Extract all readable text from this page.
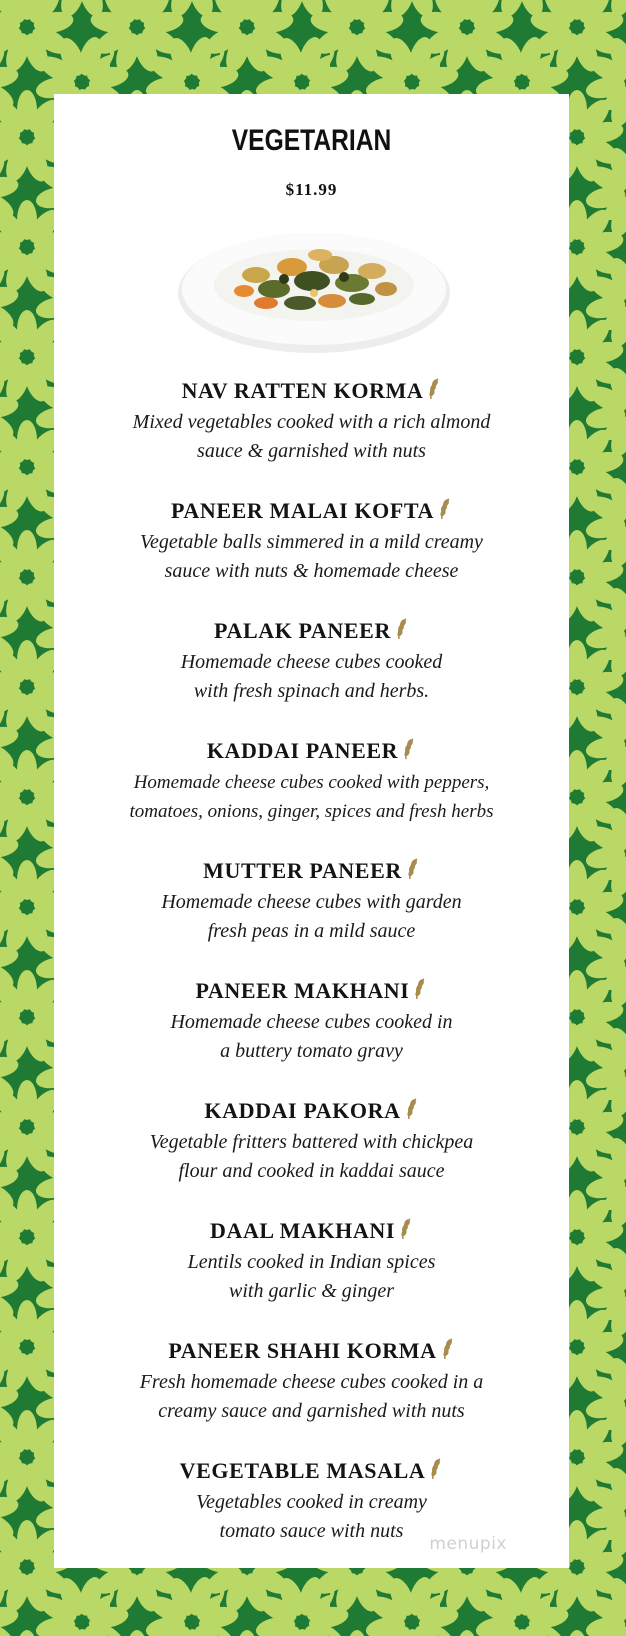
VEGETARIAN
$11.99
NAV RATTEN KORMA
Mixed vegetables cooked with a rich almond
sauce & garnished with nuts
PANEER MALAI KOFTA
Vegetable balls simmered in a mild creamy
sauce with nuts & homemade cheese
PALAK PANEER
Homemade cheese cubes cooked
with fresh spinach and herbs.
KADDAI PANEER
Homemade cheese cubes cooked with peppers,
tomatoes, onions, ginger, spices and fresh herbs
MUTTER PANEER
Homemade cheese cubes with garden
fresh peas in a mild sauce
PANEER MAKHANI
Homemade cheese cubes cooked in
a buttery tomato gravy
KADDAI PAKORA
Vegetable fritters battered with chickpea
flour and cooked in kaddai sauce
DAAL MAKHANI
Lentils cooked in Indian spices
with garlic & ginger
PANEER SHAHI KORMA
Fresh homemade cheese cubes cooked in a
creamy sauce and garnished with nuts
VEGETABLE MASALA
Vegetables cooked in creamy
tomato sauce with nuts
menupix
